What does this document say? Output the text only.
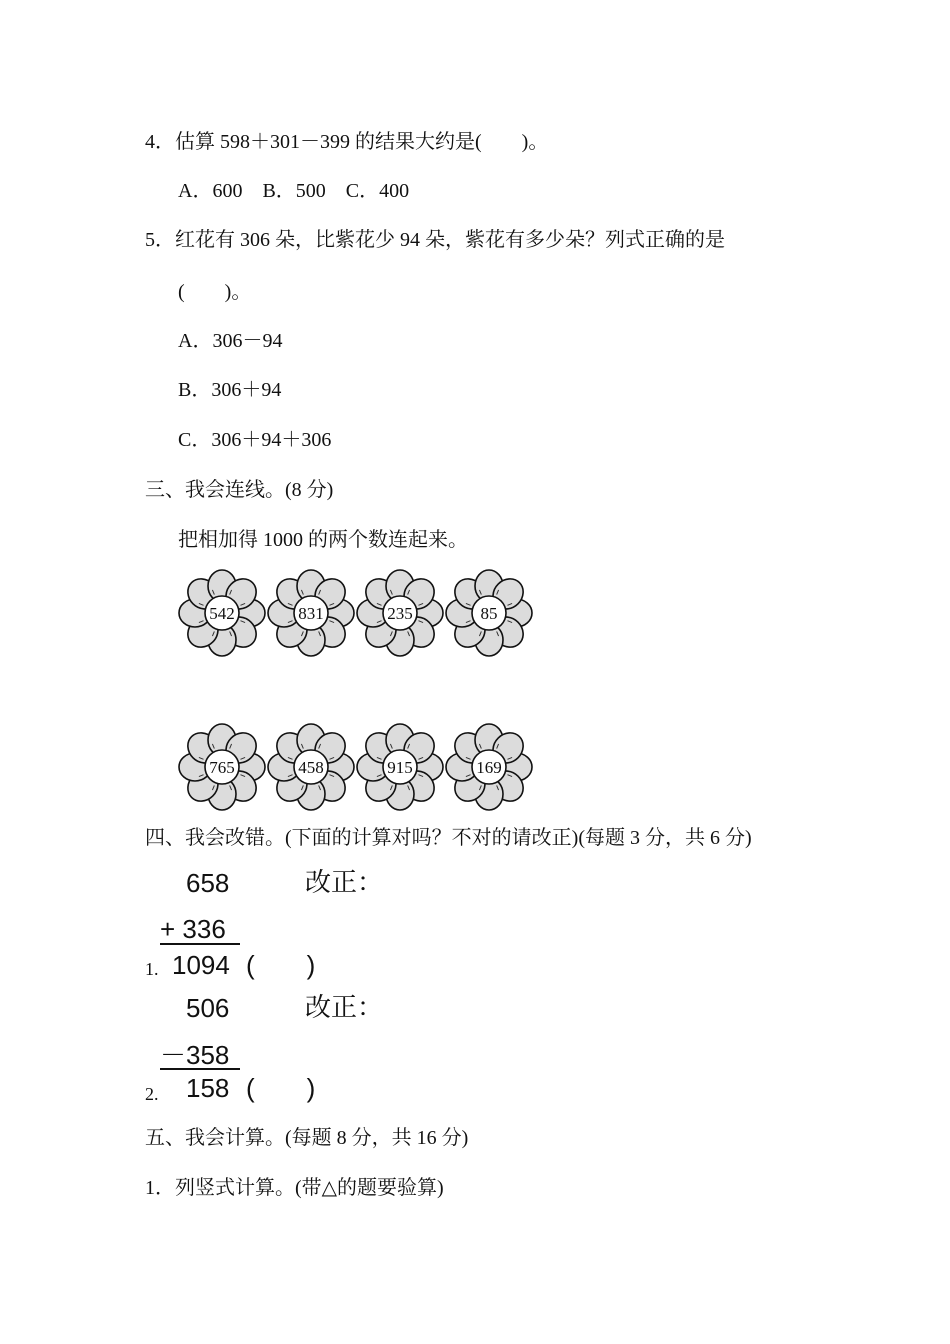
4．估算 598＋301－399 的结果大约是(　　)。
A．600　B．500　C．400
5．红花有 306 朵，比紫花少 94 朵，紫花有多少朵？列式正确的是
(　　)。
A．306－94
B．306＋94
C．306＋94＋306
三、我会连线。(8 分)
把相加得 1000 的两个数连起来。
四、我会改错。(下面的计算对吗？不对的请改正)(每题 3 分，共 6 分)
658	改正：
+ 336
1. 1094 (　　)
506	改正：
－358
2. 158 (　　)
五、我会计算。(每题 8 分，共 16 分)
1．列竖式计算。(带△的题要验算)
542	831	235	85
765	458	915	169
